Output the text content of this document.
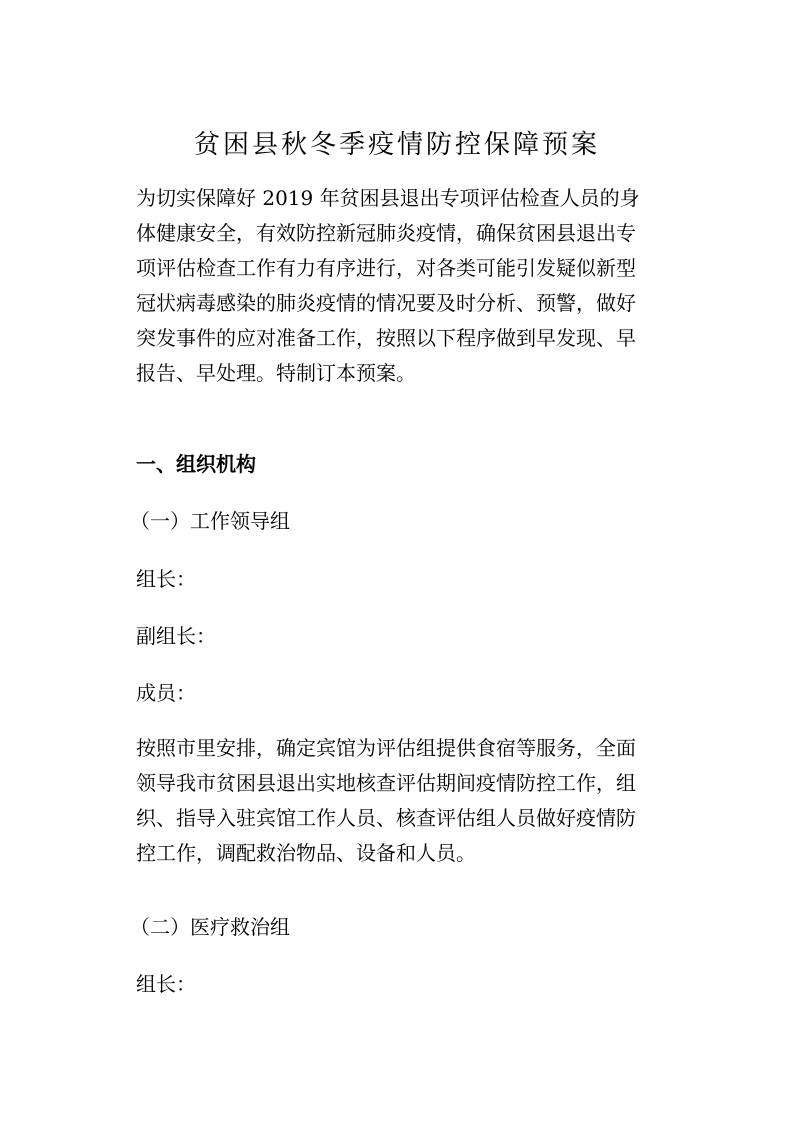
贫困县秋冬季疫情防控保障预案
为切实保障好 2019 年贫困县退出专项评估检查人员的身
体健康安全，有效防控新冠肺炎疫情，确保贫困县退出专
项评估检查工作有力有序进行，对各类可能引发疑似新型
冠状病毒感染的肺炎疫情的情况要及时分析、预警，做好
突发事件的应对准备工作，按照以下程序做到早发现、早
报告、早处理。特制订本预案。

一、组织机构

（一）工作领导组

组长：

副组长：

成员：

按照市里安排，确定宾馆为评估组提供食宿等服务，全面
领导我市贫困县退出实地核查评估期间疫情防控工作，组
织、指导入驻宾馆工作人员、核查评估组人员做好疫情防
控工作，调配救治物品、设备和人员。

（二）医疗救治组

组长：
